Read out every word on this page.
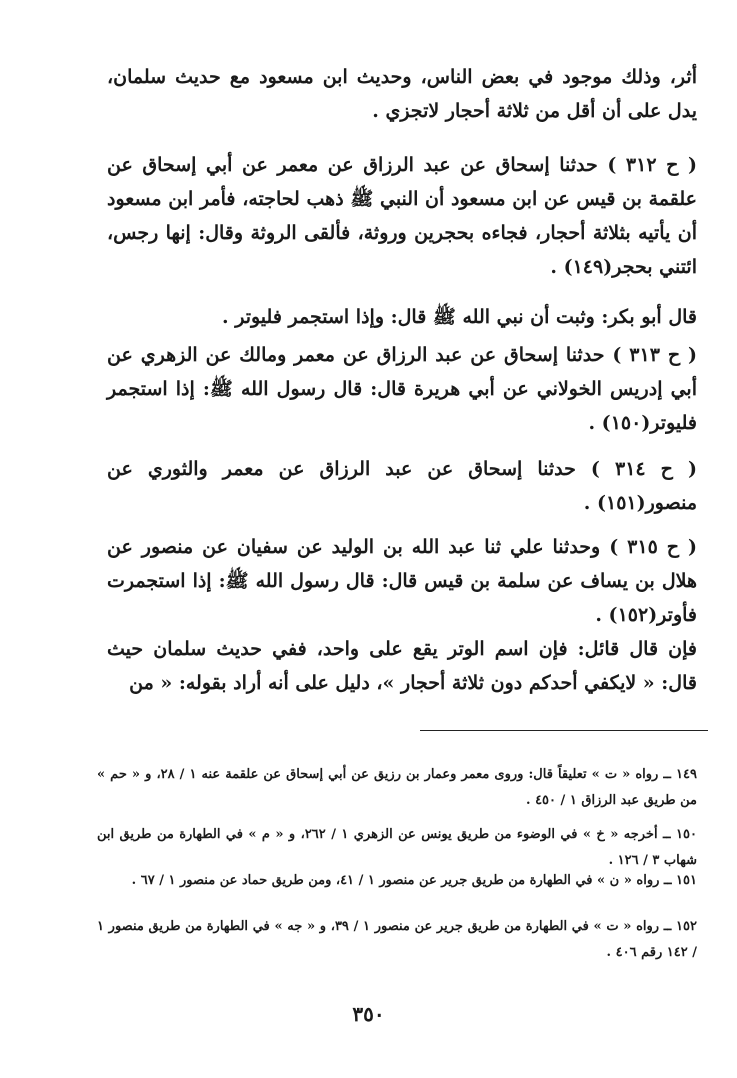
أثر، وذلك موجود في بعض الناس، وحديث ابن مسعود مع حديث سلمان، يدل على أن أقل من ثلاثة أحجار لاتجزي .

( ح ٣١٢ ) حدثنا إسحاق عن عبد الرزاق عن معمر عن أبي إسحاق عن علقمة بن قيس عن ابن مسعود أن النبي ﷺ ذهب لحاجته، فأمر ابن مسعود أن يأتيه بثلاثة أحجار، فجاءه بحجرين وروثة، فألقى الروثة وقال: إنها رجس، ائتني بحجر(١٤٩) .

قال أبو بكر: وثبت أن نبي الله ﷺ قال: وإذا استجمر فليوتر .

( ح ٣١٣ ) حدثنا إسحاق عن عبد الرزاق عن معمر ومالك عن الزهري عن أبي إدريس الخولاني عن أبي هريرة قال: قال رسول الله ﷺ: إذا استجمر فليوتر(١٥٠) .

( ح ٣١٤ ) حدثنا إسحاق عن عبد الرزاق عن معمر والثوري عن منصور(١٥١) .

( ح ٣١٥ ) وحدثنا علي ثنا عبد الله بن الوليد عن سفيان عن منصور عن هلال بن يساف عن سلمة بن قيس قال: قال رسول الله ﷺ: إذا استجمرت فأوتر(١٥٢) .

فإن قال قائل: فإن اسم الوتر يقع على واحد، ففي حديث سلمان حيث قال: « لايكفي أحدكم دون ثلاثة أحجار »، دليل على أنه أراد بقوله: « من

١٤٩ ــ رواه « ت » تعليقاً قال: وروى معمر وعمار بن رزيق عن أبي إسحاق عن علقمة عنه ١ / ٢٨، و « حم » من طريق عبد الرزاق ١ / ٤٥٠ .

١٥٠ ــ أخرجه « خ » في الوضوء من طريق يونس عن الزهري ١ / ٢٦٢، و « م » في الطهارة من طريق ابن شهاب ٣ / ١٢٦ .

١٥١ ــ رواه « ن » في الطهارة من طريق جرير عن منصور ١ / ٤١، ومن طريق حماد عن منصور ١ / ٦٧ .

١٥٢ ــ رواه « ت » في الطهارة من طريق جرير عن منصور ١ / ٣٩، و « جه » في الطهارة من طريق منصور ١ / ١٤٢ رقم ٤٠٦ .

٣٥٠
